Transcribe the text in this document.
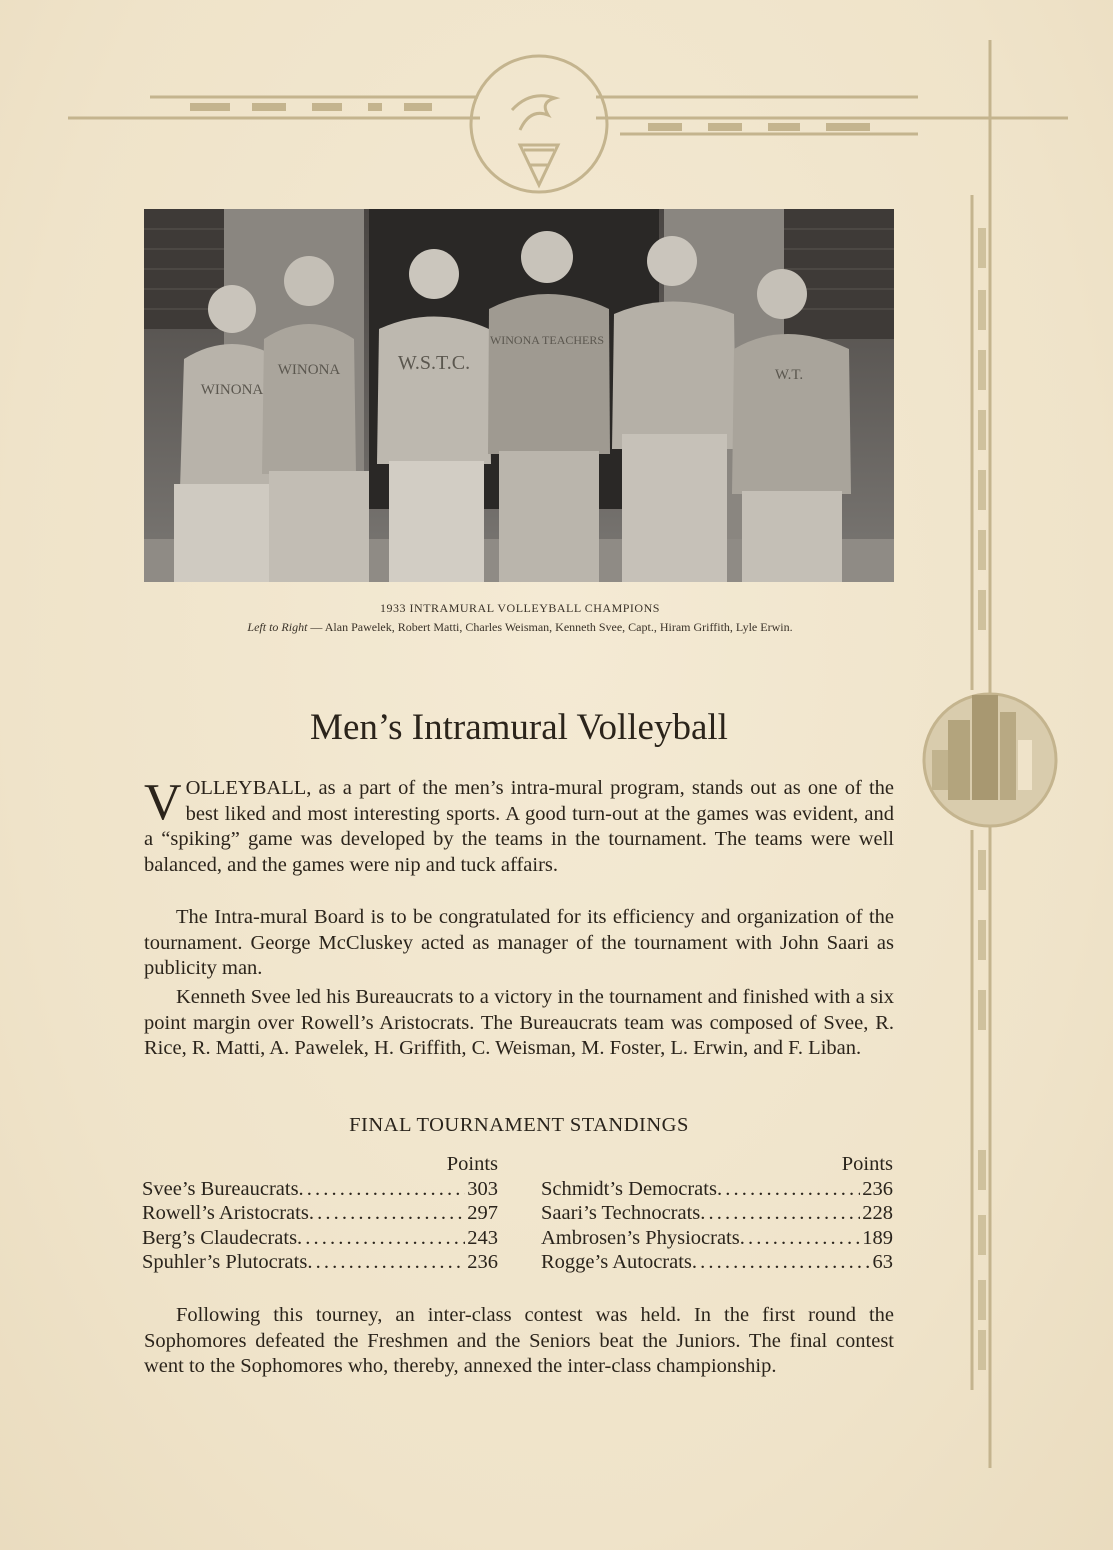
WINONA
WINONA	W.S.T.C.
WINONA TEACHERS
W.T.
1933 INTRAMURAL VOLLEYBALL CHAMPIONS
Left to Right — Alan Pawelek, Robert Matti, Charles Weisman, Kenneth Svee, Capt., Hiram Griffith, Lyle Erwin.
Men’s Intramural Volleyball

VOLLEYBALL, as a part of the men’s intra-mural program, stands out as one of the best liked and most interesting sports. A good turn-out at the games was evident, and a “spiking” game was developed by the teams in the tournament. The teams were well balanced, and the games were nip and tuck affairs.

The Intra-mural Board is to be congratulated for its efficiency and organization of the tournament. George McCluskey acted as manager of the tournament with John Saari as publicity man.

Kenneth Svee led his Bureaucrats to a victory in the tournament and finished with a six point margin over Rowell’s Aristocrats. The Bureaucrats team was composed of Svee, R. Rice, R. Matti, A. Pawelek, H. Griffith, C. Weisman, M. Foster, L. Erwin, and F. Liban.

FINAL TOURNAMENT STANDINGS
Points
Svee’s Bureaucrats . . .	303
Rowell’s Aristocrats . . .	297
Berg’s Claudecrats . . .	243
Spuhler’s Plutocrats . . .	236
Points
Schmidt’s Democrats . . .	236
Saari’s Technocrats . . .	228
Ambrosen’s Physiocrats . . .	189
Rogge’s Autocrats . . .	63

Following this tourney, an inter-class contest was held. In the first round the Sophomores defeated the Freshmen and the Seniors beat the Juniors. The final contest went to the Sophomores who, thereby, annexed the inter-class championship.
